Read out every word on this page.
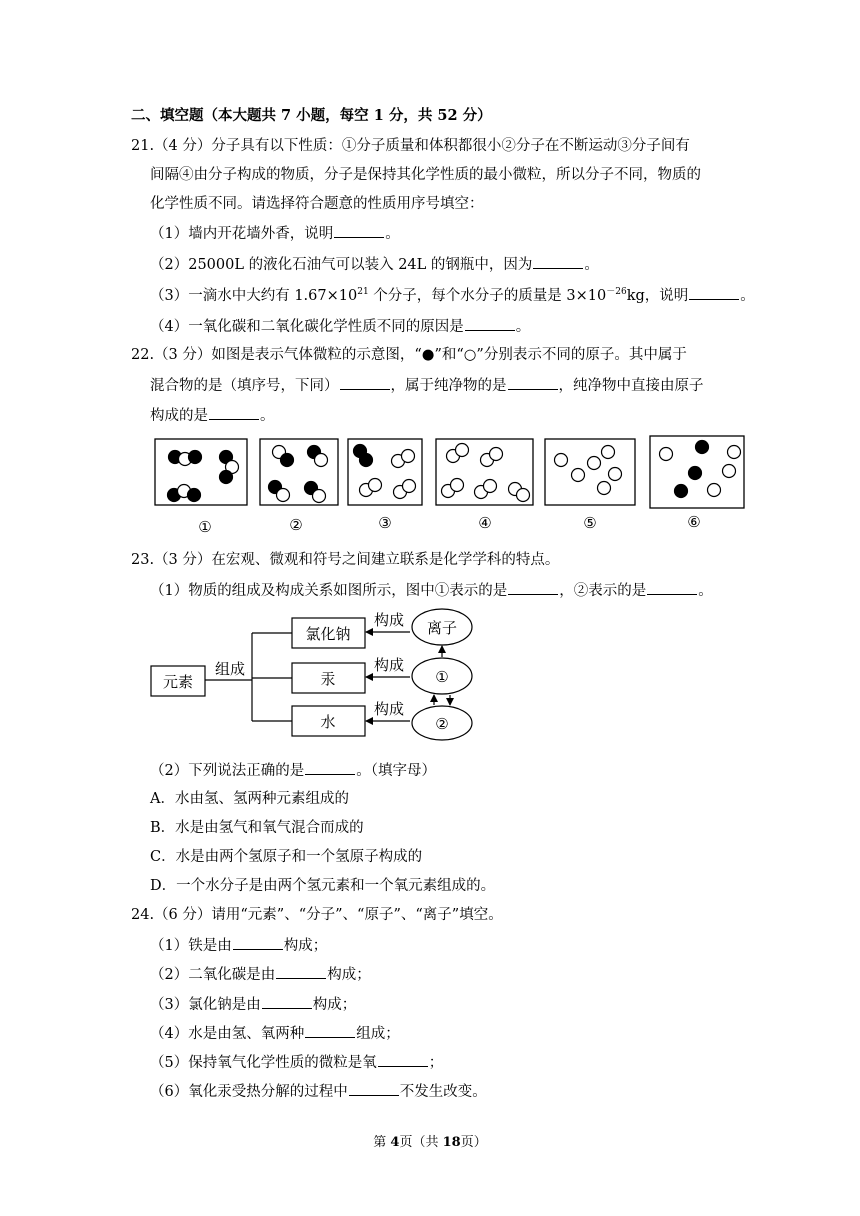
二、填空题（本大题共 7 小题，每空 1 分，共 52 分）
21.（4 分）分子具有以下性质：①分子质量和体积都很小②分子在不断运动③分子间有
间隔④由分子构成的物质，分子是保持其化学性质的最小微粒，所以分子不同，物质的
化学性质不同。请选择符合题意的性质用序号填空：
（1）墙内开花墙外香，说明	。
（2）25000L 的液化石油气可以装入 24L 的钢瓶中，因为	。
（3）一滴水中大约有 $1.67\times 10^{21}$ 个分子，每个水分子的质量是 $3\times 10^{-26}kg$，说明	。
（4）一氧化碳和二氧化碳化学性质不同的原因是	。
22.（3 分）如图是表示气体微粒的示意图，“●”和“○”分别表示不同的原子。其中属于
混合物的是（填序号，下同）	，属于纯净物的是	，纯净物中直接由原子
构成的是	。
①	②	③	④	⑤	⑥
23.（3 分）在宏观、微观和符号之间建立联系是化学学科的特点。
（1）物质的组成及构成关系如图所示，图中①表示的是	，②表示的是	。
元素
组成
氯化钠
汞
水
构成
构成
构成
离子
①
②
（2）下列说法正确的是	。（填字母）
A．水由氢、氢两种元素组成的
B．水是由氢气和氧气混合而成的
C．水是由两个氢原子和一个氢原子构成的
D．一个水分子是由两个氢元素和一个氧元素组成的。
24.（6 分）请用“元素”、“分子”、“原子”、“离子”填空。
（1）铁是由	构成；
（2）二氧化碳是由	构成；
（3）氯化钠是由	构成；
（4）水是由氢、氧两种	组成；
（5）保持氧气化学性质的微粒是氧	；
（6）氧化汞受热分解的过程中	不发生改变。
第 4页（共 18页）
